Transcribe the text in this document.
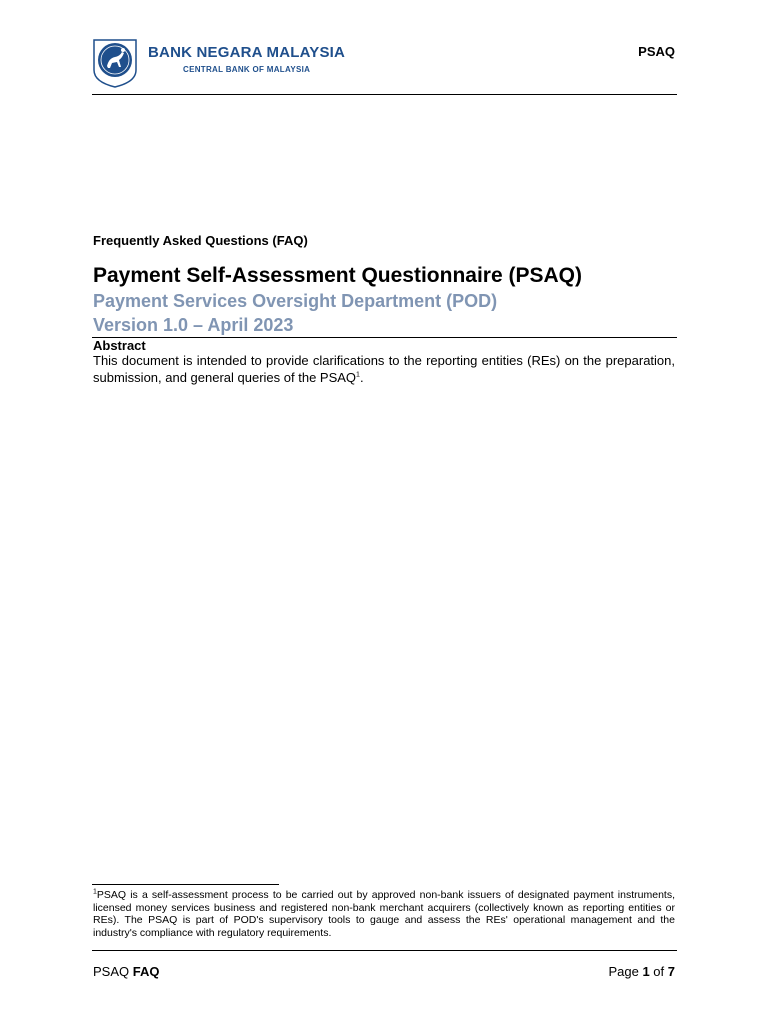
BANK NEGARA MALAYSIA
CENTRAL BANK OF MALAYSIA
PSAQ
Frequently Asked Questions (FAQ)
Payment Self-Assessment Questionnaire (PSAQ)
Payment Services Oversight Department (POD)
Version 1.0 – April 2023
Abstract
This document is intended to provide clarifications to the reporting entities (REs) on the preparation, submission, and general queries of the PSAQ$^1$.
$^1$PSAQ is a self-assessment process to be carried out by approved non-bank issuers of designated payment instruments, licensed money services business and registered non-bank merchant acquirers (collectively known as reporting entities or REs). The PSAQ is part of POD's supervisory tools to gauge and assess the REs' operational management and the industry's compliance with regulatory requirements.
PSAQ FAQ	Page 1 of 7
